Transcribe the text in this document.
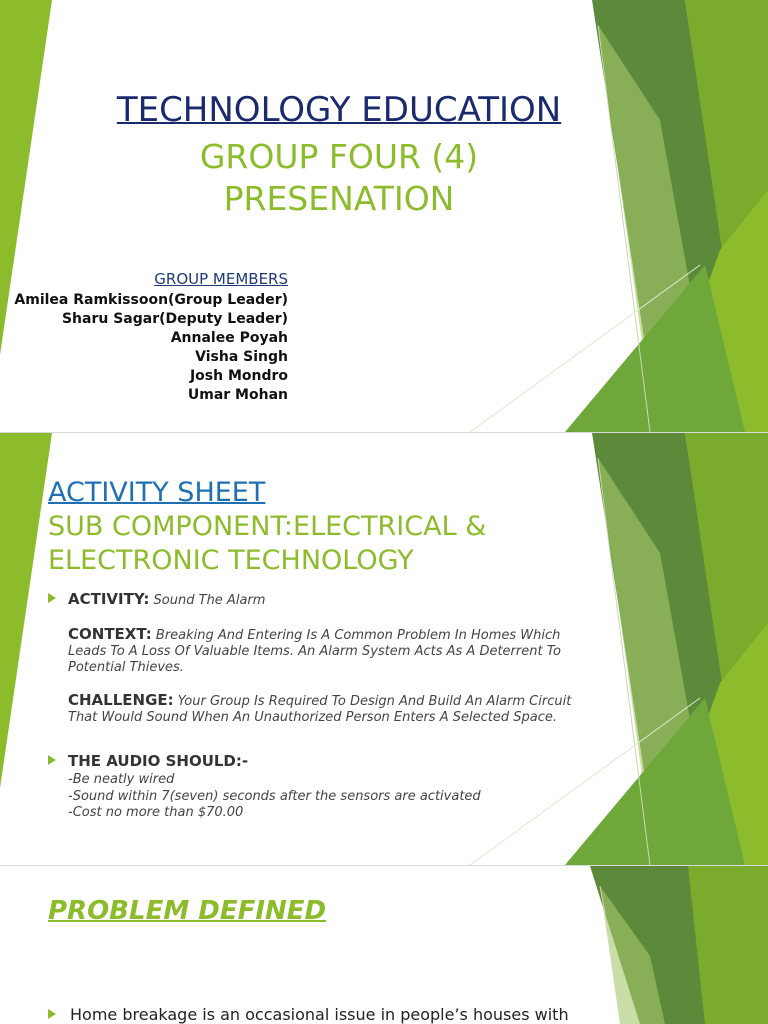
TECHNOLOGY EDUCATION
GROUP FOUR (4)
PRESENATION
GROUP MEMBERS
Amilea Ramkissoon(Group Leader)
Sharu Sagar(Deputy Leader)
Annalee Poyah
Visha Singh
Josh Mondro
Umar Mohan
ACTIVITY SHEET
SUB COMPONENT:ELECTRICAL &
ELECTRONIC TECHNOLOGY
ACTIVITY: Sound The Alarm
CONTEXT: Breaking And Entering Is A Common Problem In Homes Which Leads To A Loss Of Valuable Items. An Alarm System Acts As A Deterrent To Potential Thieves.
CHALLENGE: Your Group Is Required To Design And Build An Alarm Circuit That Would Sound When An Unauthorized Person Enters A Selected Space.
THE AUDIO SHOULD:-
-Be neatly wired
-Sound within 7(seven) seconds after the sensors are activated
-Cost no more than $70.00
PROBLEM DEFINED
Home breakage is an occasional issue in people’s houses with
